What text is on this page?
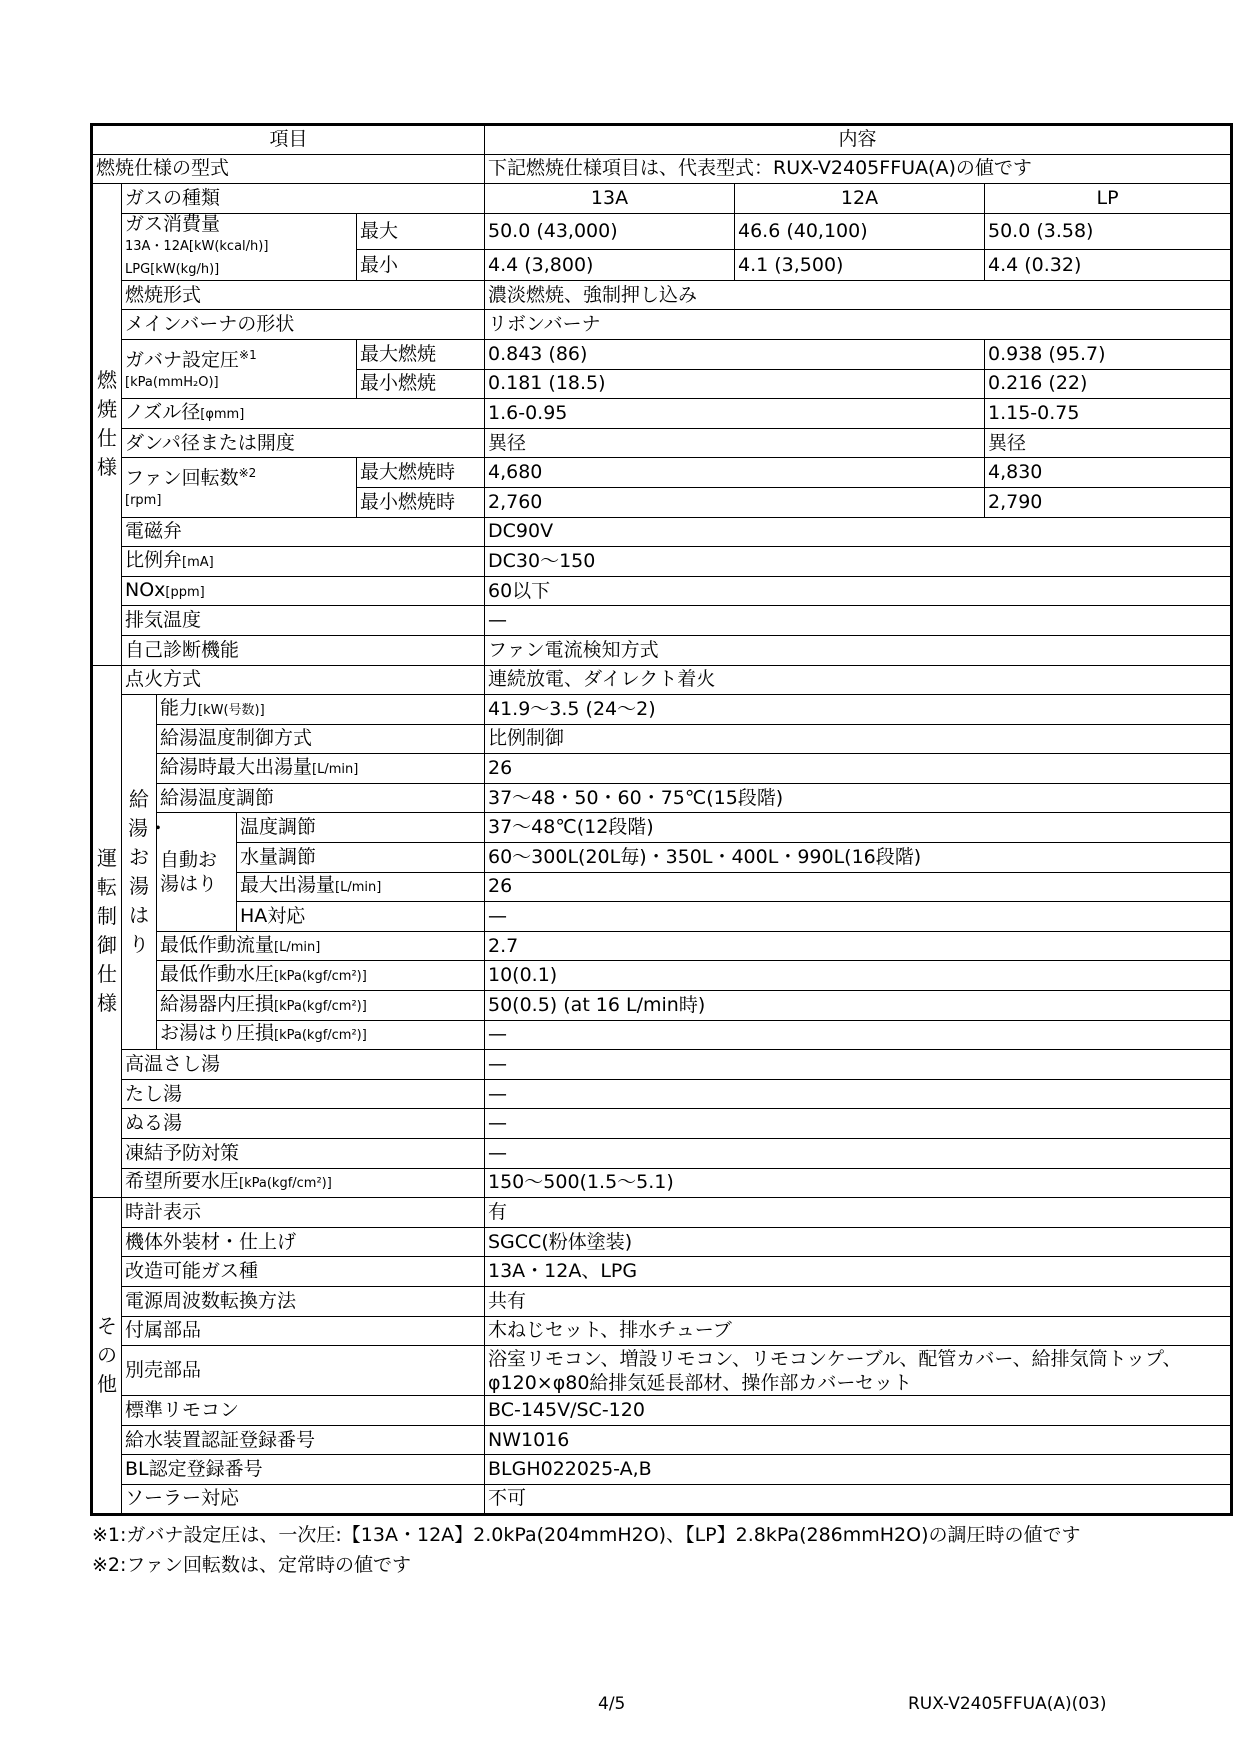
項目					内容		
燃焼仕様の型式					下記燃焼仕様項目は、代表型式：RUX-V2405FFUA(A)の値です		
燃焼仕様	ガスの種類				13A	12A	LP
	ガス消費量
13A・12A[kW(kcal/h)]
LPG[kW(kg/h)]			最大	50.0 (43,000)	46.6 (40,100)	50.0 (3.58)
				最小	4.4 (3,800)	4.1 (3,500)	4.4 (0.32)
	燃焼形式				濃淡燃焼、強制押し込み		
	メインバーナの形状				リボンバーナ		
	ガバナ設定圧$^{※1}$
[kPa(mmH₂O)]			最大燃焼	0.843 (86)		0.938 (95.7)
				最小燃焼	0.181 (18.5)		0.216 (22)
	ノズル径[φmm]				1.6-0.95		1.15-0.75
	ダンパ径または開度				異径		異径
	ファン回転数$^{※2}$
[rpm]			最大燃焼時	4,680		4,830
				最小燃焼時	2,760		2,790
	電磁弁				DC90V		
	比例弁[mA]				DC30～150		
	NOx[ppm]				60以下		
	排気温度				—		
	自己診断機能				ファン電流検知方式		

運転制御仕様	点火方式				連続放電、ダイレクト着火		
	給湯・お湯はり	能力[kW(号数)]			41.9～3.5 (24～2)		
		給湯温度制御方式			比例制御		
		給湯時最大出湯量[L/min]			26		
		給湯温度調節			37～48・50・60・75℃(15段階)		
		自動お湯はり	温度調節		37～48℃(12段階)		
			水量調節		60～300L(20L毎)・350L・400L・990L(16段階)		
			最大出湯量[L/min]		26		
			HA対応		—		
		最低作動流量[L/min]			2.7		
		最低作動水圧[kPa(kgf/cm²)]			10(0.1)		
		給湯器内圧損[kPa(kgf/cm²)]			50(0.5) (at 16 L/min時)		
		お湯はり圧損[kPa(kgf/cm²)]			—		
	高温さし湯				—		
	たし湯				—		
	ぬる湯				—		
	凍結予防対策				—		
	希望所要水圧[kPa(kgf/cm²)]				150～500(1.5～5.1)		
その他	時計表示				有		
	機体外装材・仕上げ				SGCC(粉体塗装)		
	改造可能ガス種				13A・12A、LPG		
	電源周波数転換方法				共有		
	付属部品				木ねじセット、排水チューブ		
	別売部品				浴室リモコン、増設リモコン、リモコンケーブル、配管カバー、給排気筒トップ、φ120×φ80給排気延長部材、操作部カバーセット		
	標準リモコン				BC-145V/SC-120		
	給水装置認証登録番号				NW1016		
	BL認定登録番号				BLGH022025-A,B		
	ソーラー対応				不可		
※1:ガバナ設定圧は、一次圧:【13A・12A】2.0kPa(204mmH2O)、【LP】2.8kPa(286mmH2O)の調圧時の値です
※2:ファン回転数は、定常時の値です
4/5	RUX-V2405FFUA(A)(03)
